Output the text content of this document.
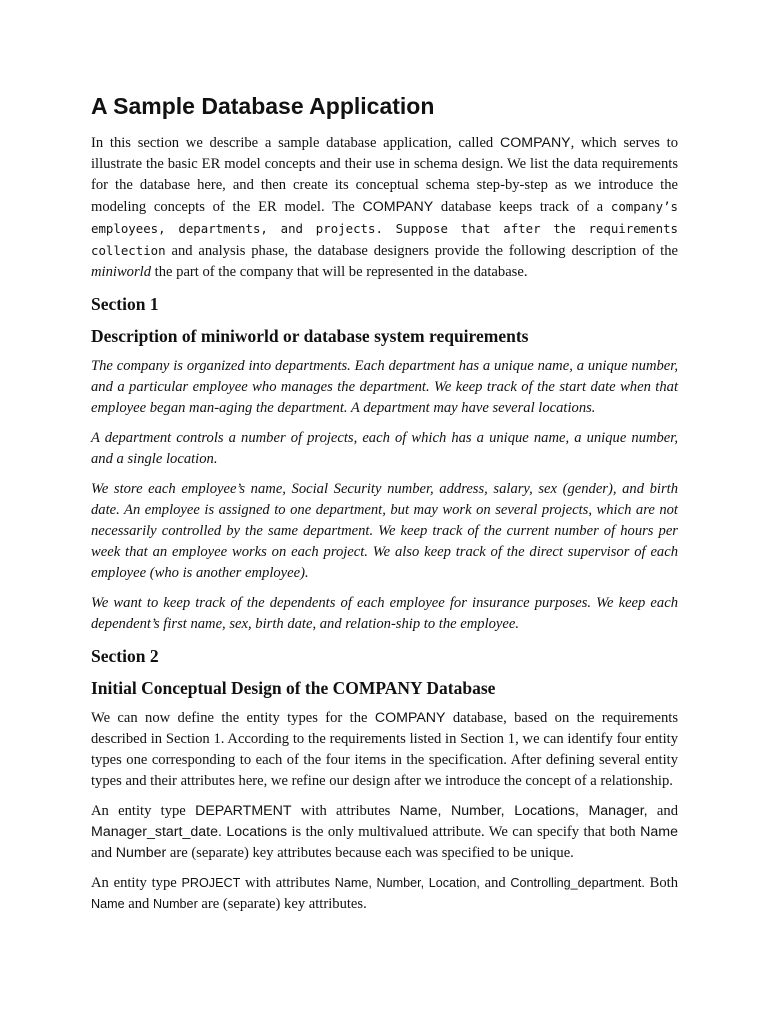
A Sample Database Application

In this section we describe a sample database application, called COMPANY, which serves to illustrate the basic ER model concepts and their use in schema design. We list the data requirements for the database here, and then create its conceptual schema step-by-step as we introduce the modeling concepts of the ER model. The COMPANY database keeps track of a company’s employees, departments, and projects. Suppose that after the requirements collection and analysis phase, the database designers provide the following description of the miniworld the part of the company that will be represented in the database.

Section 1
Description of miniworld or database system requirements

The company is organized into departments. Each department has a unique name, a unique number, and a particular employee who manages the department. We keep track of the start date when that employee began man-aging the department. A department may have several locations.

A department controls a number of projects, each of which has a unique name, a unique number, and a single location.

We store each employee’s name, Social Security number, address, salary, sex (gender), and birth date. An employee is assigned to one department, but may work on several projects, which are not necessarily controlled by the same department. We keep track of the current number of hours per week that an employee works on each project. We also keep track of the direct supervisor of each employee (who is another employee).

We want to keep track of the dependents of each employee for insurance purposes. We keep each dependent’s first name, sex, birth date, and relation-ship to the employee.

Section 2
Initial Conceptual Design of the COMPANY Database

We can now define the entity types for the COMPANY database, based on the requirements described in Section 1. According to the requirements listed in Section 1, we can identify four entity types one corresponding to each of the four items in the specification. After defining several entity types and their attributes here, we refine our design after we introduce the concept of a relationship.

An entity type DEPARTMENT with attributes Name, Number, Locations, Manager, and Manager_start_date. Locations is the only multivalued attribute. We can specify that both Name and Number are (separate) key attributes because each was specified to be unique.

An entity type PROJECT with attributes Name, Number, Location, and Controlling_department. Both Name and Number are (separate) key attributes.
